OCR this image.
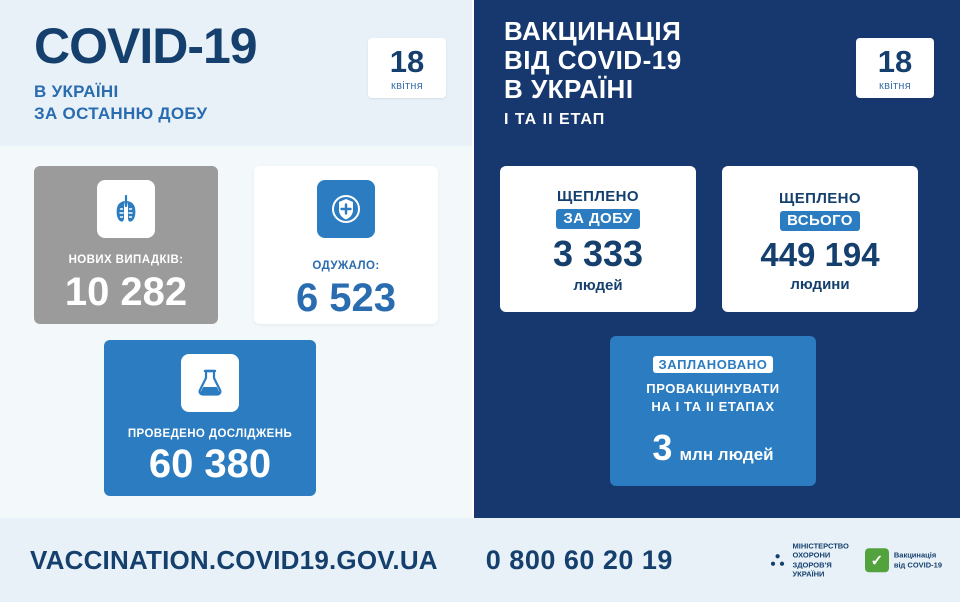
COVID-19
В УКРАЇНІ
ЗА ОСТАННЮ ДОБУ
18
квітня
ВАКЦИНАЦІЯ
ВІД COVID-19
В УКРАЇНІ
I ТА II ЕТАП
18
квітня
НОВИХ ВИПАДКІВ:
10 282
ОДУЖАЛО:
6 523
ПРОВЕДЕНО ДОСЛІДЖЕНЬ
60 380
ЩЕПЛЕНО
ЗА ДОБУ
3 333
людей
ЩЕПЛЕНО
ВСЬОГО
449 194
людини
ЗАПЛАНОВАНО
ПРОВАКЦИНУВАТИ
НА I ТА II ЕТАПАХ
3 млн людей
VACCINATION.COVID19.GOV.UA 0 800 60 20 19	⛬
МІНІСТЕРСТВО
ОХОРОНИ
ЗДОРОВ'Я
УКРАЇНИ
✓	Вакцинація
від COVID-19
